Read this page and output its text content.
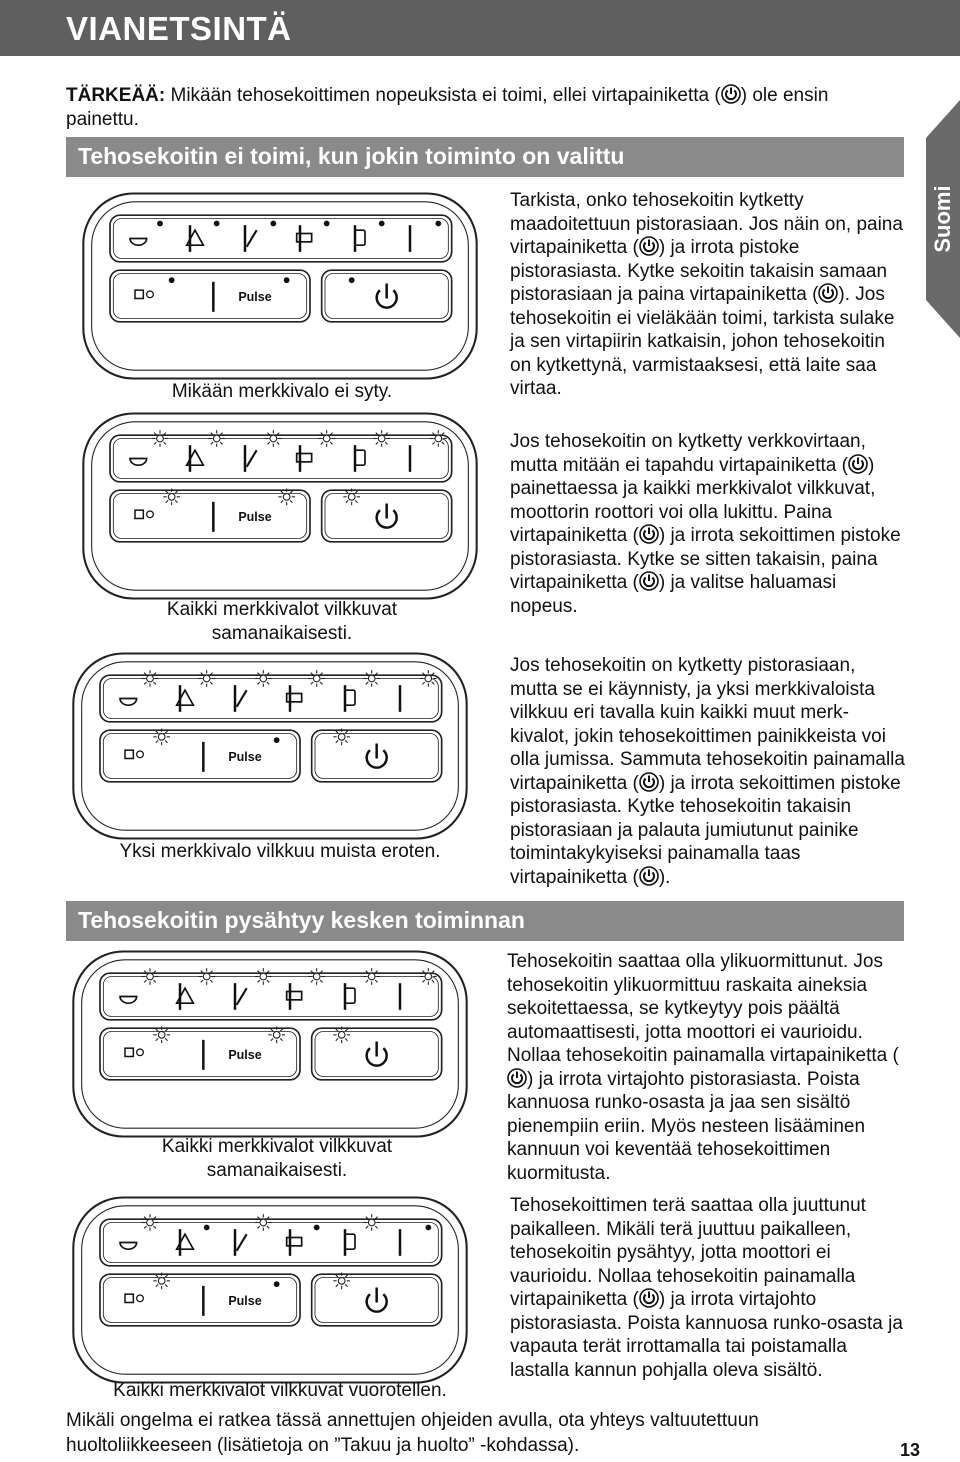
VIANETSINTÄ
Suomi
TÄRKEÄÄ: Mikään tehosekoittimen nopeuksista ei toimi, ellei virtapainiketta ( ) ole ensin painettu.
Tehosekoitin ei toimi, kun jokin toiminto on valittu
Tehosekoitin pysähtyy kesken toiminnan
Pulse
Pulse
Pulse
Pulse
Pulse
Mikään merkkivalo ei syty.
Kaikki merkkivalot vilkkuvat samanaikaisesti.
Yksi merkkivalo vilkkuu muista eroten.
Kaikki merkkivalot vilkkuvat samanaikaisesti.
Kaikki merkkivalot vilkkuvat vuorotellen.
Tarkista, onko tehosekoitin kytketty maadoitettuun pistorasiaan. Jos näin on, paina virtapainiketta ( ) ja irrota pistoke pistorasiasta. Kytke sekoitin takaisin samaan pistorasiaan ja paina virtapainiketta ( ). Jos tehosekoitin ei vieläkään toimi, tarkista sulake ja sen virtapiirin katkaisin, johon tehosekoitin on kytkettynä, varmistaaksesi, että laite saa virtaa.
Jos tehosekoitin on kytketty verkkovirtaan, mutta mitään ei tapahdu virtapainiketta ( ) painettaessa ja kaikki merkkivalot vilkkuvat, moottorin roottori voi olla lukittu. Paina virtapainiketta ( ) ja irrota sekoittimen pistoke pistorasiasta. Kytke se sitten takaisin, paina virtapainiketta ( ) ja valitse haluamasi nopeus.
Jos tehosekoitin on kytketty pistorasiaan, mutta se ei käynnisty, ja yksi merkkivaloista vilkkuu eri tavalla kuin kaikki muut merk-kivalot, jokin tehosekoittimen painikkeista voi olla jumissa. Sammuta tehosekoitin painamalla virtapainiketta ( ) ja irrota sekoittimen pistoke pistorasiasta. Kytke tehosekoitin takaisin pistorasiaan ja palauta jumiutunut painike toimintakykyiseksi painamalla taas virtapainiketta ( ).
Tehosekoitin saattaa olla ylikuormittunut. Jos tehosekoitin ylikuormittuu raskaita aineksia sekoitettaessa, se kytkeytyy pois päältä automaattisesti, jotta moottori ei vaurioidu. Nollaa tehosekoitin painamalla virtapainiketta () ja irrota virtajohto pistorasiasta. Poista kannuosa runko-osasta ja jaa sen sisältö pienempiin eriin. Myös nesteen lisääminen kannuun voi keventää tehosekoittimen kuormitusta.
Tehosekoittimen terä saattaa olla juuttunut paikalleen. Mikäli terä juuttuu paikalleen, tehosekoitin pysähtyy, jotta moottori ei vaurioidu. Nollaa tehosekoitin painamalla virtapainiketta ( ) ja irrota virtajohto pistorasiasta. Poista kannuosa runko-osasta ja vapauta terät irrottamalla tai poistamalla lastalla kannun pohjalla oleva sisältö.
Mikäli ongelma ei ratkea tässä annettujen ohjeiden avulla, ota yhteys valtuutettuun huoltoliikkeeseen (lisätietoja on ”Takuu ja huolto” -kohdassa).	13
